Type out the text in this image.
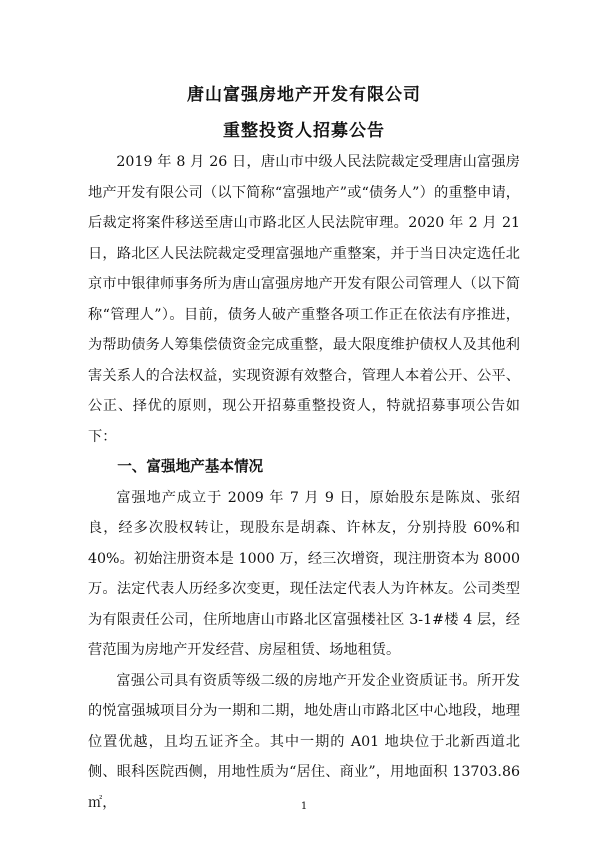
唐山富强房地产开发有限公司
重整投资人招募公告

2019 年 8 月 26 日，唐山市中级人民法院裁定受理唐山富强房地产开发有限公司（以下简称“富强地产”或“债务人”）的重整申请，后裁定将案件移送至唐山市路北区人民法院审理。2020 年 2 月 21 日，路北区人民法院裁定受理富强地产重整案，并于当日决定选任北京市中银律师事务所为唐山富强房地产开发有限公司管理人（以下简称“管理人”）。目前，债务人破产重整各项工作正在依法有序推进，为帮助债务人筹集偿债资金完成重整，最大限度维护债权人及其他利害关系人的合法权益，实现资源有效整合，管理人本着公开、公平、公正、择优的原则，现公开招募重整投资人，特就招募事项公告如下：

一、富强地产基本情况

富强地产成立于 2009 年 7 月 9 日，原始股东是陈岚、张绍良，经多次股权转让，现股东是胡森、许林友，分别持股 60%和 40%。初始注册资本是 1000 万，经三次增资，现注册资本为 8000 万。法定代表人历经多次变更，现任法定代表人为许林友。公司类型为有限责任公司，住所地唐山市路北区富强楼社区 3-1#楼 4 层，经营范围为房地产开发经营、房屋租赁、场地租赁。

富强公司具有资质等级二级的房地产开发企业资质证书。所开发的悦富强城项目分为一期和二期，地处唐山市路北区中心地段，地理位置优越，且均五证齐全。其中一期的 A01 地块位于北新西道北侧、眼科医院西侧，用地性质为“居住、商业”，用地面积 13703.86 ㎡，	1
